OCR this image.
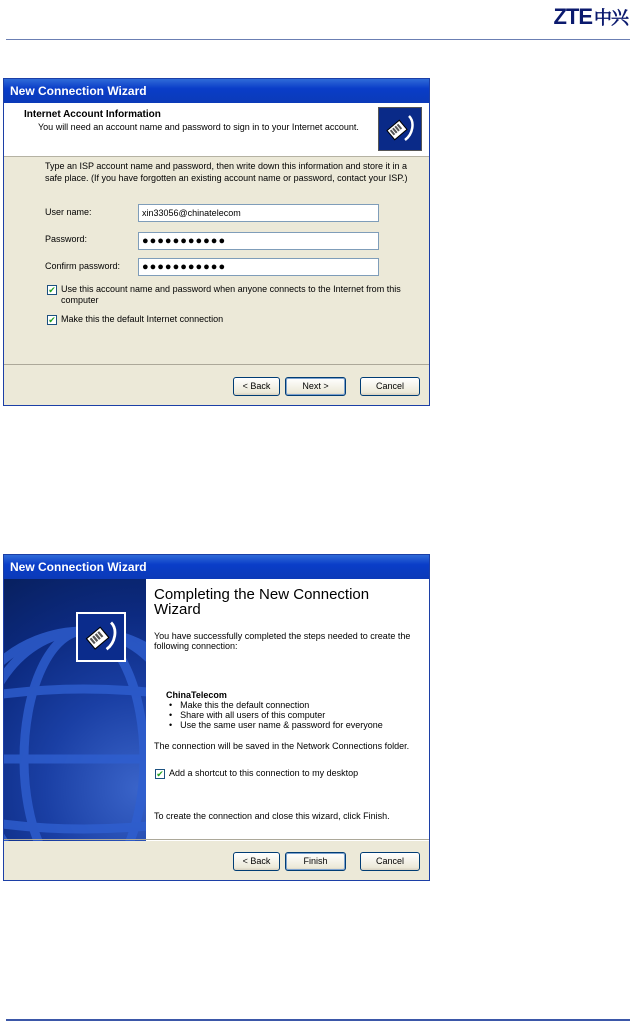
ZTE 中兴
New Connection Wizard
Internet Account Information
You will need an account name and password to sign in to your Internet account.
Type an ISP account name and password, then write down this information and store it in a safe place. (If you have forgotten an existing account name or password, contact your ISP.)
User name:	xin33056@chinatelecom
Password:	●●●●●●●●●●●
Confirm password:	●●●●●●●●●●●
✔ Use this account name and password when anyone connects to the Internet from this computer
✔ Make this the default Internet connection
< Back	Next >	Cancel
New Connection Wizard
Completing the New Connection Wizard
You have successfully completed the steps needed to create the following connection:
ChinaTelecom
• Make this the default connection
• Share with all users of this computer
• Use the same user name & password for everyone
The connection will be saved in the Network Connections folder.
✔ Add a shortcut to this connection to my desktop
To create the connection and close this wizard, click Finish.
< Back	Finish	Cancel
